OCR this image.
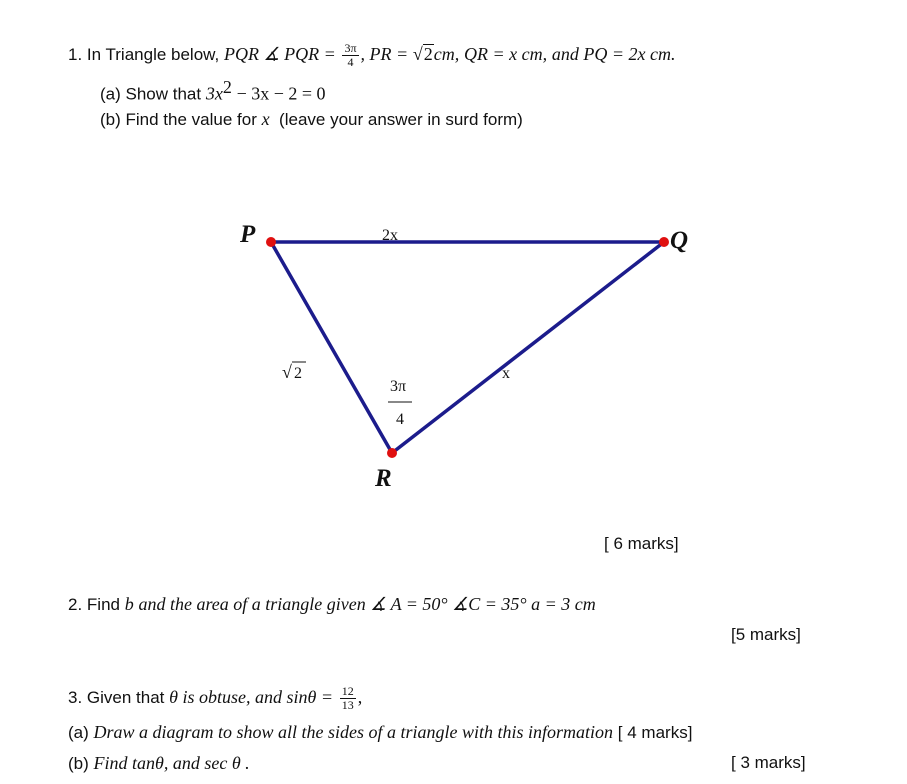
1. In Triangle below, PQR ∡ PQR = $\frac{3\pi}{4}$ , PR = √2cm, QR = x cm, and PQ = 2x cm.
(a) Show that $3x^2 - 3x - 2 = 0$
(b) Find the value for x (leave your answer in surd form)
P	Q
R
2x
x
√ 2
3π
4
[ 6 marks]
2. Find b and the area of a triangle given ∡ A = 50° ∡C = 35° a = 3 cm
[5 marks]
3. Given that θ is obtuse, and $\sin\theta = \frac{12}{13}$ ,
(a) Draw a diagram to show all the sides of a triangle with this information [ 4 marks]
(b) Find tanθ, and sec θ .	[ 3 marks]
